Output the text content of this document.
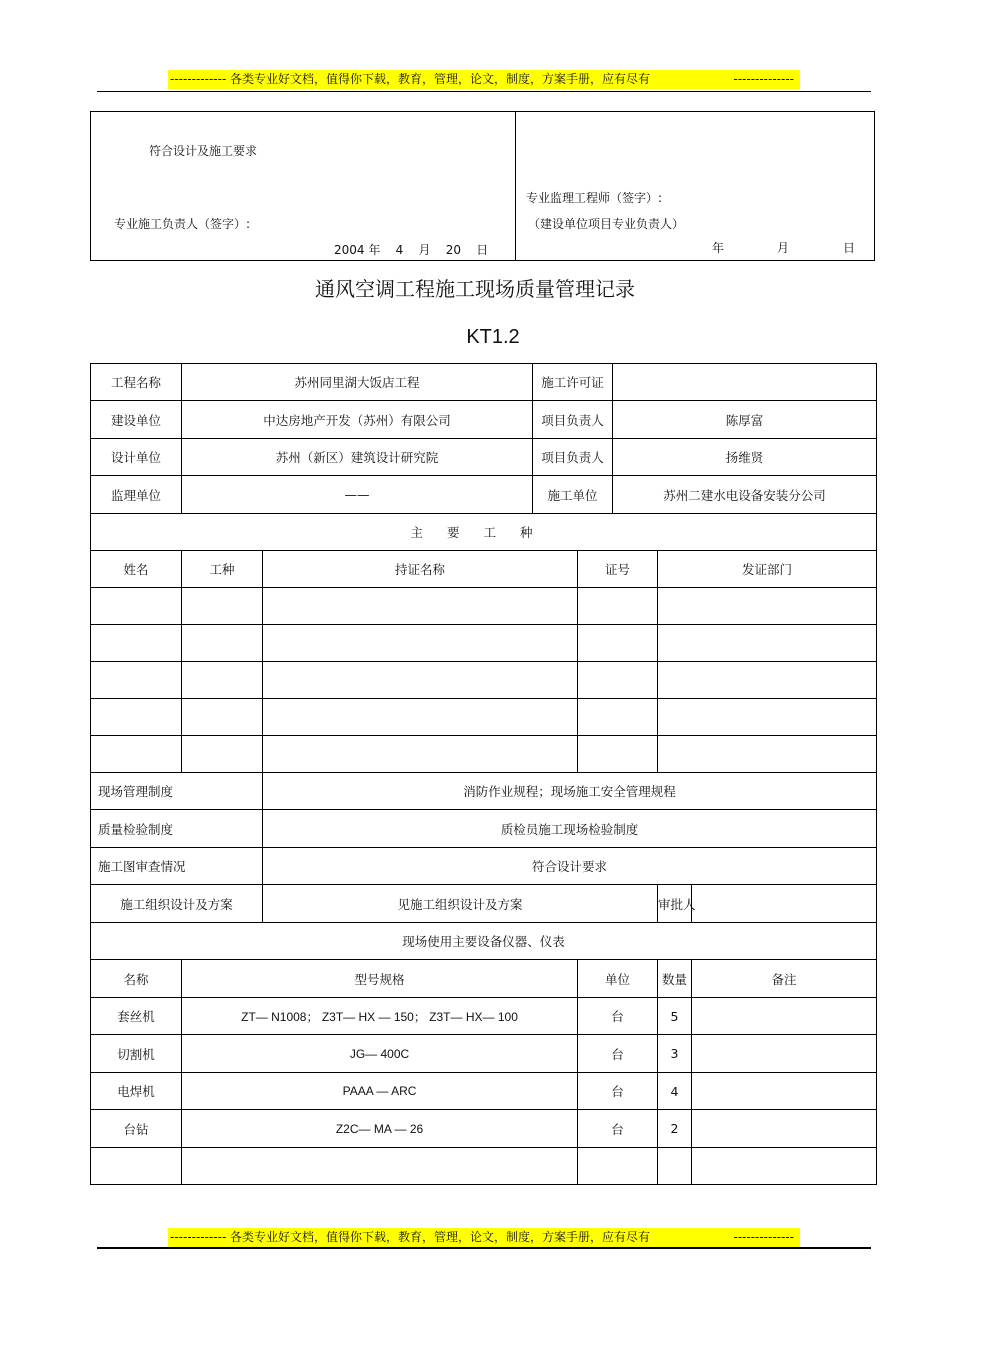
------------- 各类专业好文档，值得你下载，教育，管理，论文，制度，方案手册，应有尽有	--------------
符合设计及施工要求
专业施工负责人（签字）:
2004 年    4    月    20    日
专业监理工程师（签字）:
（建设单位项目专业负责人）
年	月	日
通风空调工程施工现场质量管理记录
KT1.2
工程名称	苏州同里湖大饭店工程		施工许可证				
建设单位	中达房地产开发（苏州）有限公司		项目负责人		陈厚富		
设计单位	苏州（新区）建筑设计研究院		项目负责人		扬维贤		
监理单位	——		施工单位		苏州二建水电设备安装分公司		
主要工种							
姓名	工种	持证名称		证号		发证部门	

现场管理制度		消防作业规程；现场施工安全管理规程					
质量检验制度		质检员施工现场检验制度					
施工图审查情况		符合设计要求					
施工组织设计及方案		见施工组织设计及方案				审批人	
现场使用主要设备仪器、仪表							
名称	型号规格			单位		数量	备注
套丝机	ZT— N1008； Z3T— HX — 150； Z3T— HX— 100			台		5	
切割机	JG— 400C			台		3	
电焊机	PAAA — ARC			台		4	
台钻	Z2C— MA — 26			台		2	

------------- 各类专业好文档，值得你下载，教育，管理，论文，制度，方案手册，应有尽有	--------------
